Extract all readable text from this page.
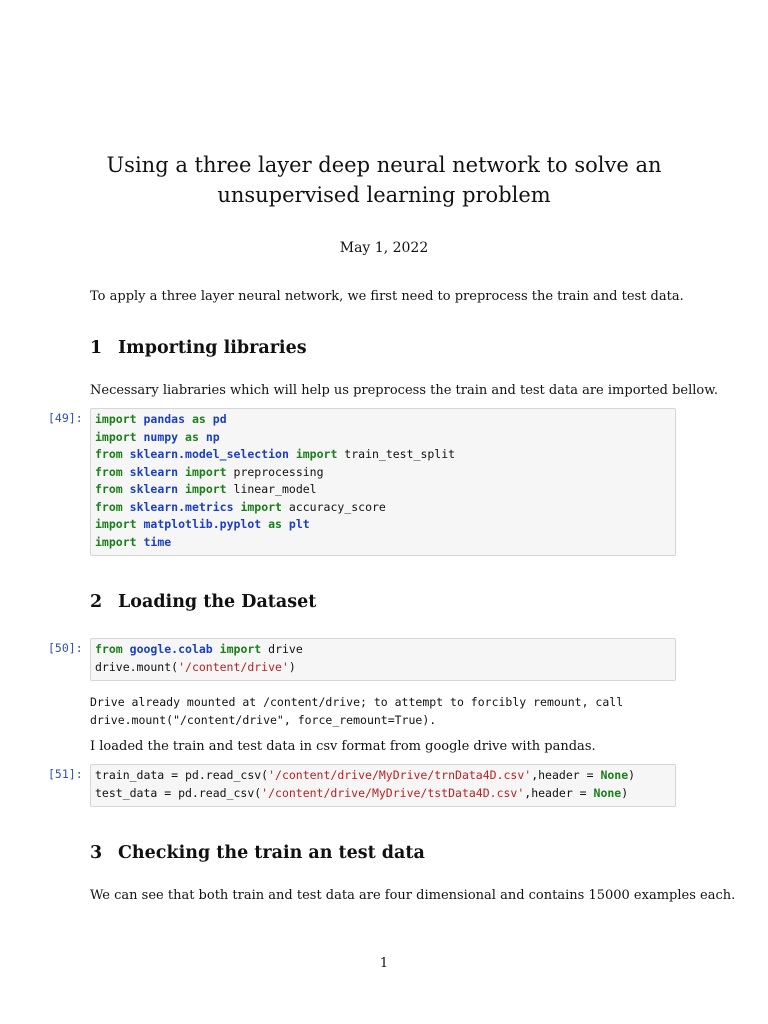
Using a three layer deep neural network to solve an unsupervised learning problem
May 1, 2022

To apply a three layer neural network, we first need to preprocess the train and test data.

1 Importing libraries

Necessary liabraries which will help us preprocess the train and test data are imported bellow.

[49]: import pandas as pd
import numpy as np
from sklearn.model_selection import train_test_split
from sklearn import preprocessing
from sklearn import linear_model
from sklearn.metrics import accuracy_score
import matplotlib.pyplot as plt
import time
2 Loading the Dataset
[50]: from google.colab import drive
drive.mount('/content/drive')
Drive already mounted at /content/drive; to attempt to forcibly remount, call
drive.mount("/content/drive", force_remount=True).

I loaded the train and test data in csv format from google drive with pandas.

[51]: train_data = pd.read_csv('/content/drive/MyDrive/trnData4D.csv',header = None)
test_data = pd.read_csv('/content/drive/MyDrive/tstData4D.csv',header = None)
3 Checking the train an test data

We can see that both train and test data are four dimensional and contains 15000 examples each.

1
